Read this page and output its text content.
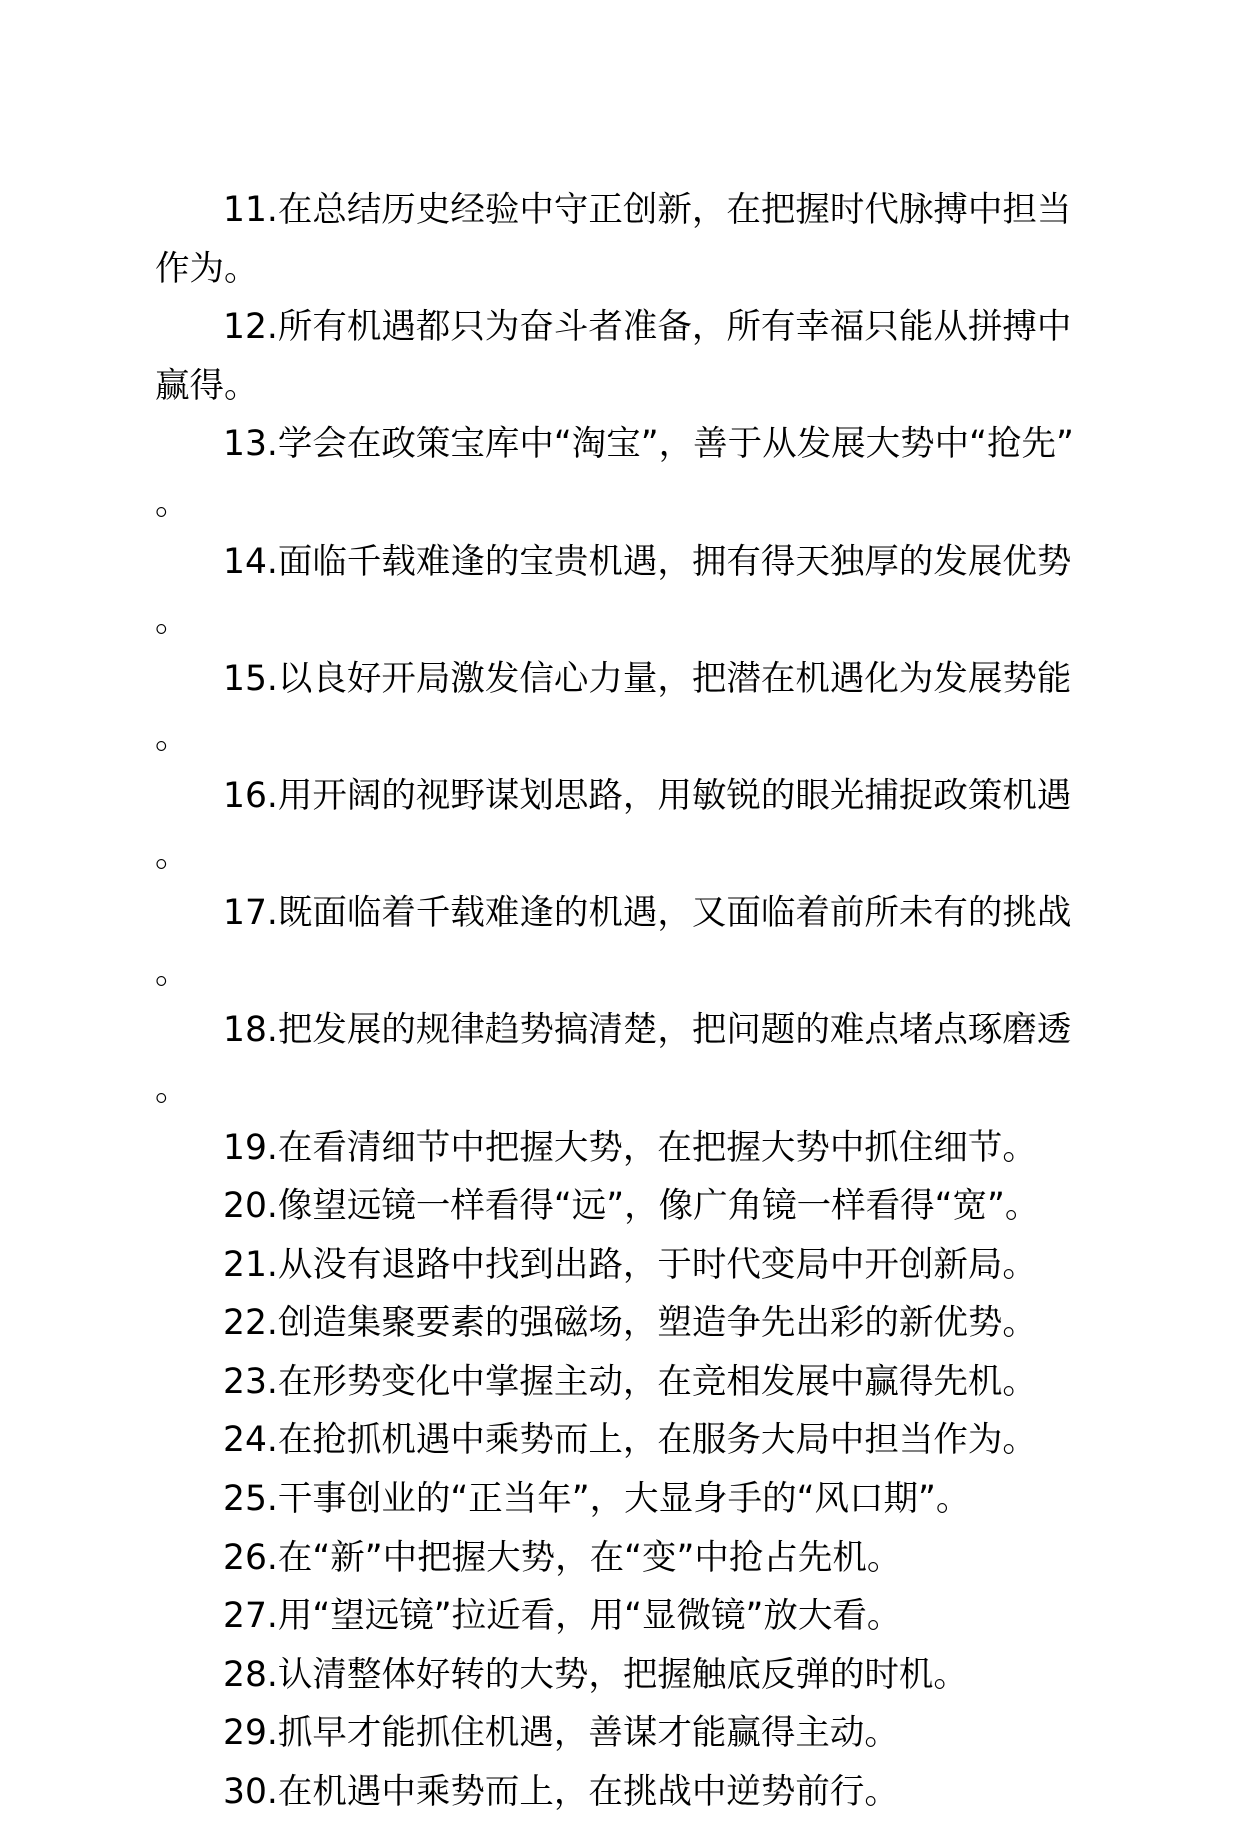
11.在总结历史经验中守正创新，在把握时代脉搏中担当作为。

12.所有机遇都只为奋斗者准备，所有幸福只能从拼搏中赢得。

13.学会在政策宝库中“淘宝”，善于从发展大势中“抢先”。

14.面临千载难逢的宝贵机遇，拥有得天独厚的发展优势。

15.以良好开局激发信心力量，把潜在机遇化为发展势能。

16.用开阔的视野谋划思路，用敏锐的眼光捕捉政策机遇。

17.既面临着千载难逢的机遇，又面临着前所未有的挑战。

18.把发展的规律趋势搞清楚，把问题的难点堵点琢磨透。

19.在看清细节中把握大势，在把握大势中抓住细节。

20.像望远镜一样看得“远”，像广角镜一样看得“宽”。

21.从没有退路中找到出路，于时代变局中开创新局。

22.创造集聚要素的强磁场，塑造争先出彩的新优势。

23.在形势变化中掌握主动，在竞相发展中赢得先机。

24.在抢抓机遇中乘势而上，在服务大局中担当作为。

25.干事创业的“正当年”，大显身手的“风口期”。

26.在“新”中把握大势，在“变”中抢占先机。

27.用“望远镜”拉近看，用“显微镜”放大看。

28.认清整体好转的大势，把握触底反弹的时机。

29.抓早才能抓住机遇，善谋才能赢得主动。

30.在机遇中乘势而上，在挑战中逆势前行。
